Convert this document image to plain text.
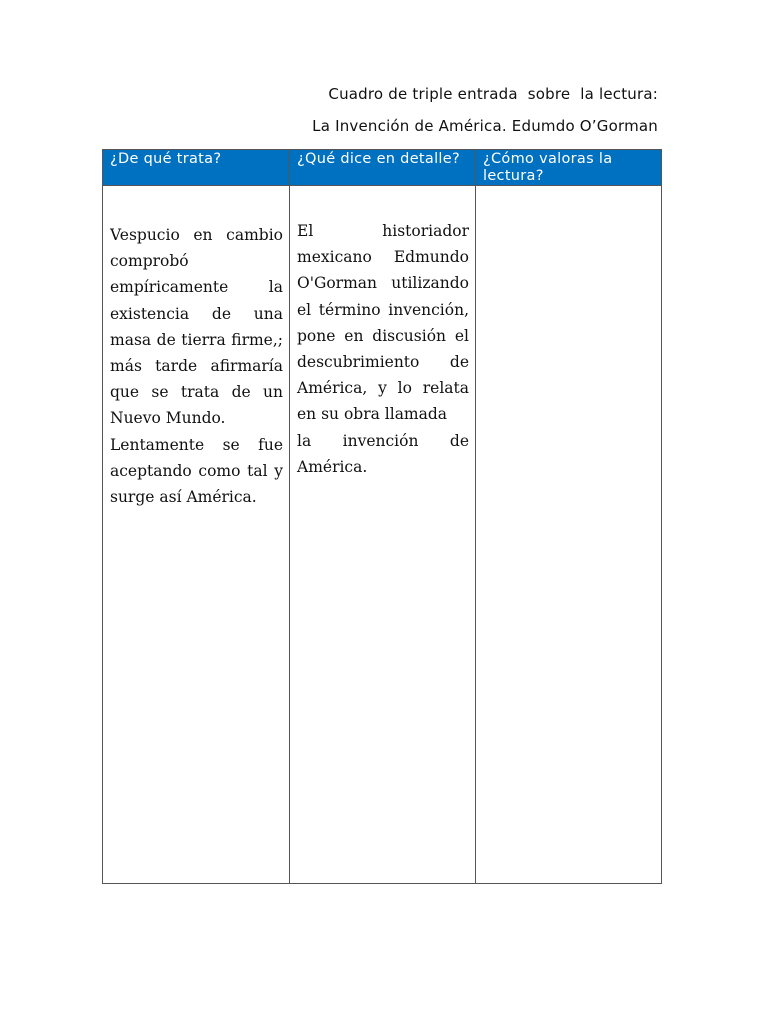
Cuadro de triple entrada  sobre  la lectura:
La Invención de América. Edumdo O’Gorman
¿De qué trata?	¿Qué dice en detalle?	¿Cómo valoras la lectura?
Vespucio en cambio comprobó empíricamente la existencia de una masa de tierra firme,; más tarde afirmaría que se trata de un Nuevo Mundo.
Lentamente se fue aceptando como tal y surge así América.
El historiador mexicano Edmundo O'Gorman utilizando el término invención, pone en discusión el descubrimiento de América, y lo relata en su obra llamada
la invención de América.
